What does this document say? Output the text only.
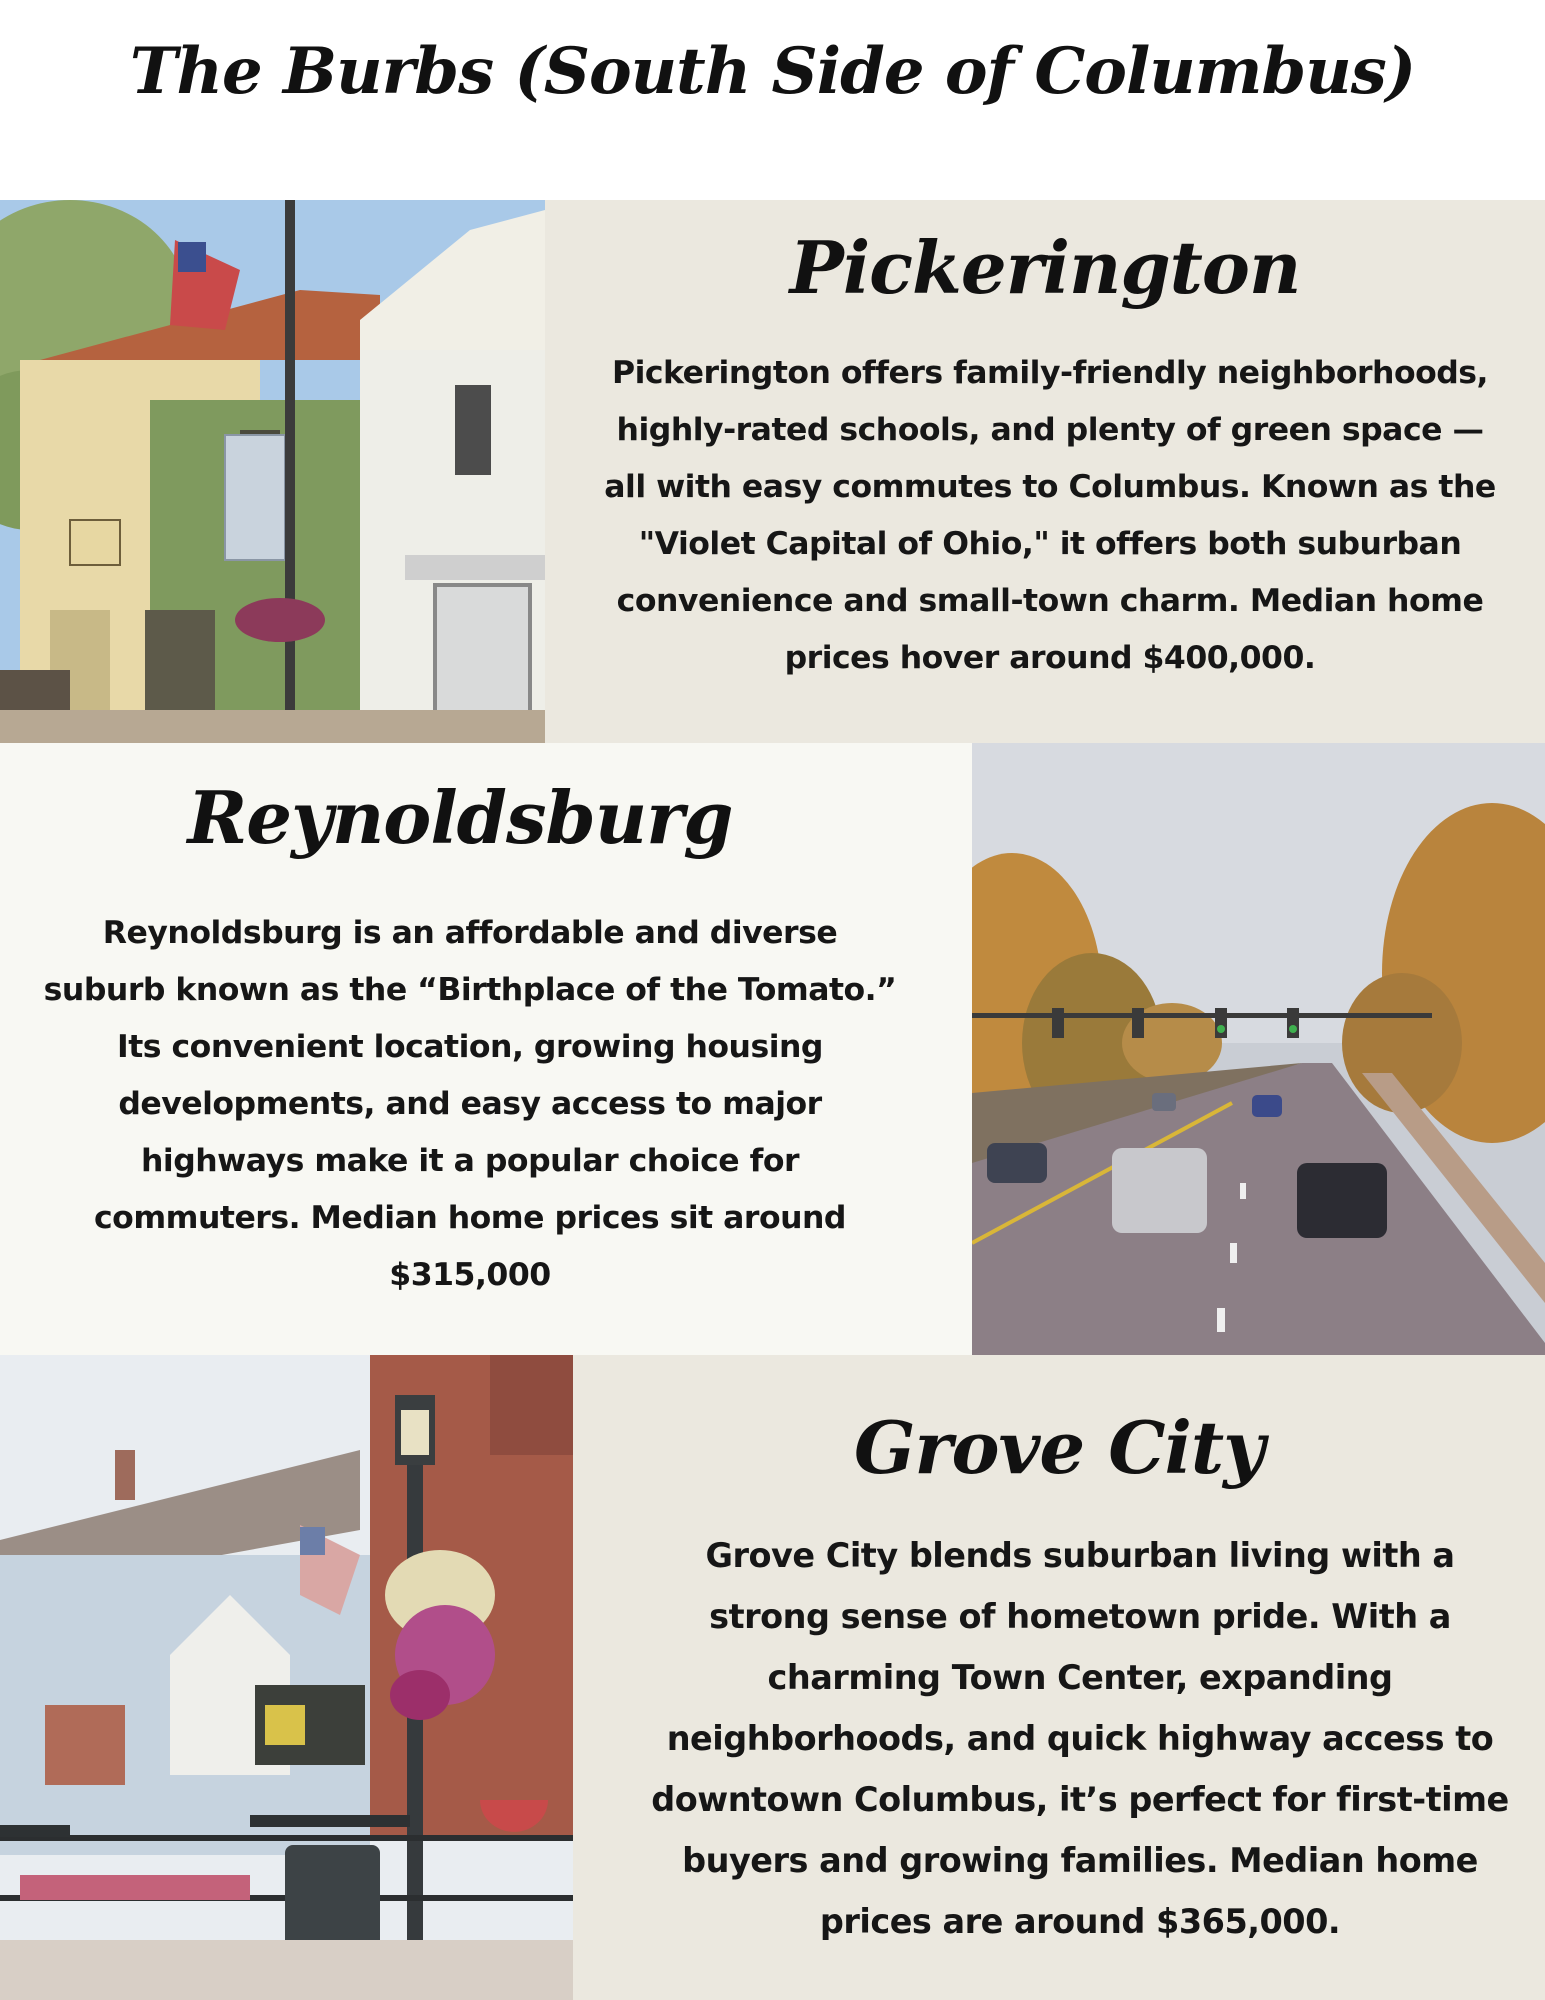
The Burbs (South Side of Columbus)
Pickerington
Pickerington offers family-friendly neighborhoods, highly-rated schools, and plenty of green space — all with easy commutes to Columbus. Known as the "Violet Capital of Ohio," it offers both suburban convenience and small-town charm. Median home prices hover around $400,000.
Reynoldsburg
Reynoldsburg is an affordable and diverse suburb known as the “Birthplace of the Tomato.” Its convenient location, growing housing developments, and easy access to major highways make it a popular choice for commuters. Median home prices sit around $315,000
Grove City
Grove City blends suburban living with a strong sense of hometown pride. With a charming Town Center, expanding neighborhoods, and quick highway access to downtown Columbus, it’s perfect for first-time buyers and growing families. Median home prices are around $365,000.
